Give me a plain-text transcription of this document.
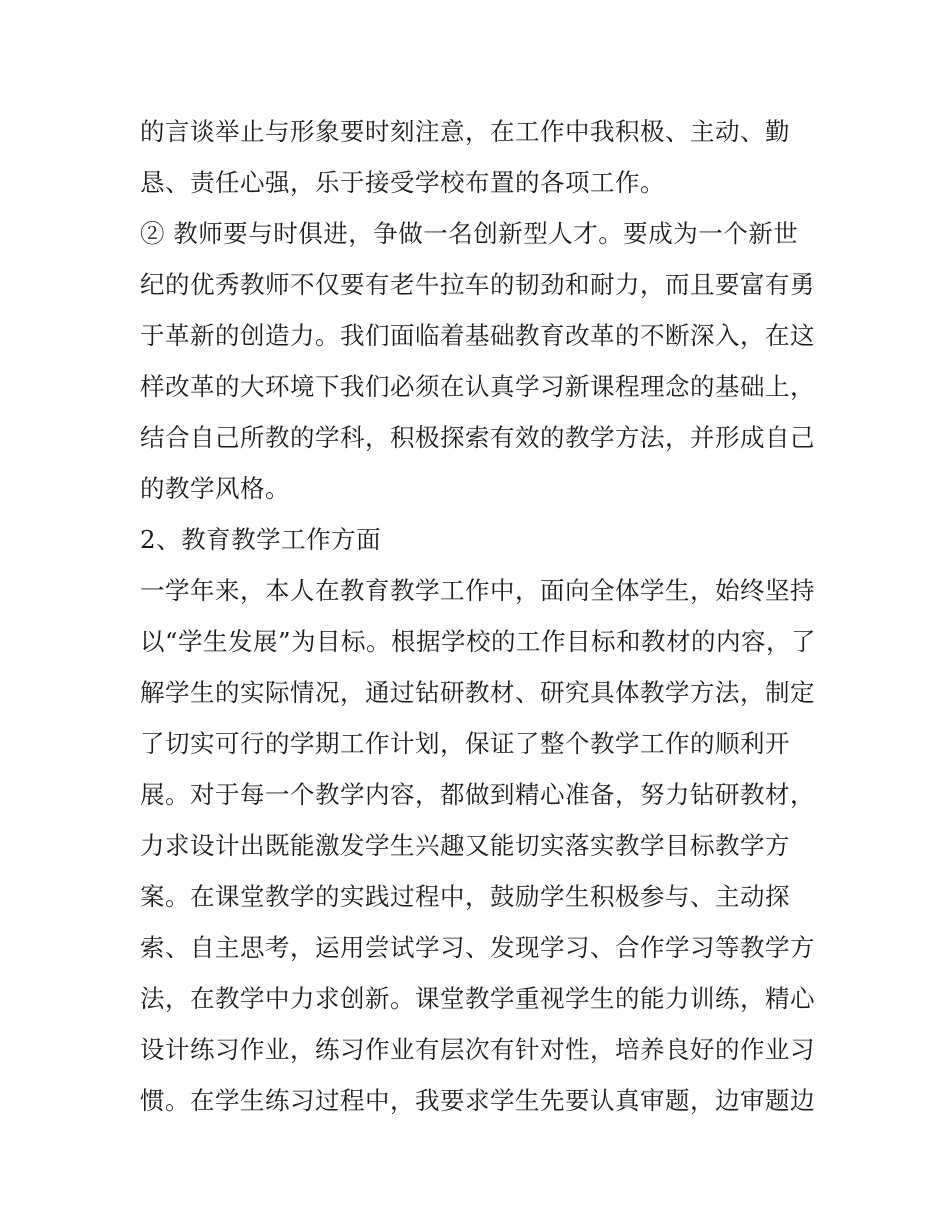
的言谈举止与形象要时刻注意，在工作中我积极、主动、勤
恳、责任心强，乐于接受学校布置的各项工作。
② 教师要与时俱进，争做一名创新型人才。要成为一个新世
纪的优秀教师不仅要有老牛拉车的韧劲和耐力，而且要富有勇
于革新的创造力。我们面临着基础教育改革的不断深入，在这
样改革的大环境下我们必须在认真学习新课程理念的基础上，
结合自己所教的学科，积极探索有效的教学方法，并形成自己
的教学风格。
2、教育教学工作方面
一学年来，本人在教育教学工作中，面向全体学生，始终坚持
以“学生发展”为目标。根据学校的工作目标和教材的内容，了
解学生的实际情况，通过钻研教材、研究具体教学方法，制定
了切实可行的学期工作计划，保证了整个教学工作的顺利开
展。对于每一个教学内容，都做到精心准备，努力钻研教材，
力求设计出既能激发学生兴趣又能切实落实教学目标教学方
案。在课堂教学的实践过程中，鼓励学生积极参与、主动探
索、自主思考，运用尝试学习、发现学习、合作学习等教学方
法，在教学中力求创新。课堂教学重视学生的能力训练，精心
设计练习作业，练习作业有层次有针对性，培养良好的作业习
惯。在学生练习过程中，我要求学生先要认真审题，边审题边
